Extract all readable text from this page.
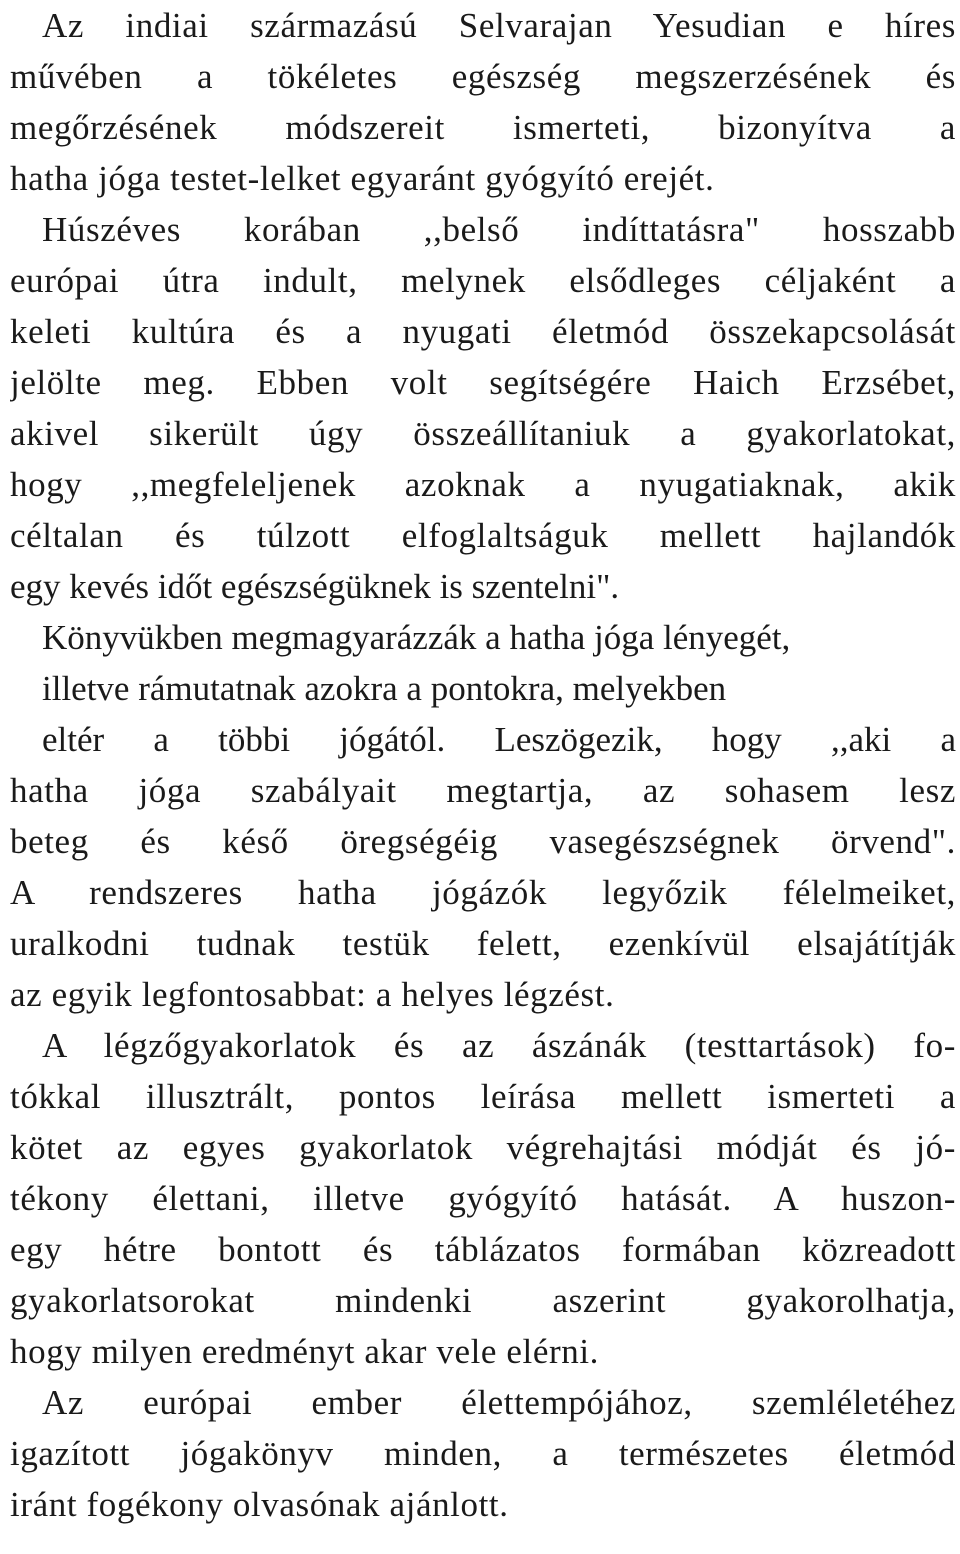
Az indiai származású Selvarajan Yesudian e híres
művében a tökéletes egészség megszerzésének és
megőrzésének módszereit ismerteti, bizonyítva a
hatha jóga testet-lelket egyaránt gyógyító erejét.
Húszéves korában ,,belső indíttatásra" hosszabb
európai útra indult, melynek elsődleges céljaként a
keleti kultúra és a nyugati életmód összekapcsolását
jelölte meg. Ebben volt segítségére Haich Erzsébet,
akivel sikerült úgy összeállítaniuk a gyakorlatokat,
hogy ,,megfeleljenek azoknak a nyugatiaknak, akik
céltalan és túlzott elfoglaltságuk mellett hajlandók
egy kevés időt egészségüknek is szentelni".
Könyvükben megmagyarázzák a hatha jóga lényegét,
illetve rámutatnak azokra a pontokra, melyekben
eltér a többi jógától. Leszögezik, hogy ,,aki a
hatha jóga szabályait megtartja, az sohasem lesz
beteg és késő öregségéig vasegészségnek örvend".
A rendszeres hatha jógázók legyőzik félelmeiket,
uralkodni tudnak testük felett, ezenkívül elsajátítják
az egyik legfontosabbat: a helyes légzést.
A légzőgyakorlatok és az ászánák (testtartások) fo-
tókkal illusztrált, pontos leírása mellett ismerteti a
kötet az egyes gyakorlatok végrehajtási módját és jó-
tékony élettani, illetve gyógyító hatását. A huszon-
egy hétre bontott és táblázatos formában közreadott
gyakorlatsorokat mindenki aszerint gyakorolhatja,
hogy milyen eredményt akar vele elérni.
Az európai ember élettempójához, szemléletéhez
igazított jógakönyv minden, a természetes életmód
iránt fogékony olvasónak ajánlott.
